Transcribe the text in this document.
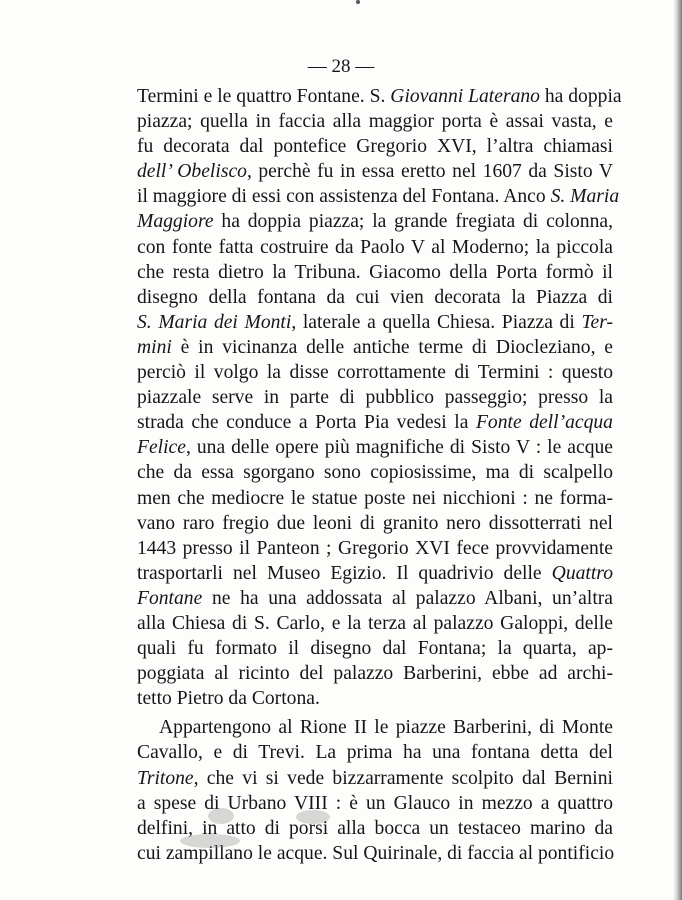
— 28 —
Termini e le quattro Fontane. S. Giovanni Laterano ha doppia
piazza; quella in faccia alla maggior porta è assai vasta, e
fu decorata dal pontefice Gregorio XVI, l’altra chiamasi
dell’ Obelisco, perchè fu in essa eretto nel 1607 da Sisto V
il maggiore di essi con assistenza del Fontana. Anco S. Maria
Maggiore ha doppia piazza; la grande fregiata di colonna,
con fonte fatta costruire da Paolo V al Moderno; la piccola
che resta dietro la Tribuna. Giacomo della Porta formò il
disegno della fontana da cui vien decorata la Piazza di
S. Maria dei Monti, laterale a quella Chiesa. Piazza di Ter-
mini è in vicinanza delle antiche terme di Diocleziano, e
perciò il volgo la disse corrottamente di Termini : questo
piazzale serve in parte di pubblico passeggio; presso la
strada che conduce a Porta Pia vedesi la Fonte dell’acqua
Felice, una delle opere più magnifiche di Sisto V : le acque
che da essa sgorgano sono copiosissime, ma di scalpello
men che mediocre le statue poste nei nicchioni : ne forma-
vano raro fregio due leoni di granito nero dissotterrati nel
1443 presso il Panteon ; Gregorio XVI fece provvidamente
trasportarli nel Museo Egizio. Il quadrivio delle Quattro
Fontane ne ha una addossata al palazzo Albani, un’altra
alla Chiesa di S. Carlo, e la terza al palazzo Galoppi, delle
quali fu formato il disegno dal Fontana; la quarta, ap-
poggiata al ricinto del palazzo Barberini, ebbe ad archi-
tetto Pietro da Cortona.
Appartengono al Rione II le piazze Barberini, di Monte
Cavallo, e di Trevi. La prima ha una fontana detta del
Tritone, che vi si vede bizzarramente scolpito dal Bernini
a spese di Urbano VIII : è un Glauco in mezzo a quattro
delfini, in atto di porsi alla bocca un testaceo marino da
cui zampillano le acque. Sul Quirinale, di faccia al pontificio
